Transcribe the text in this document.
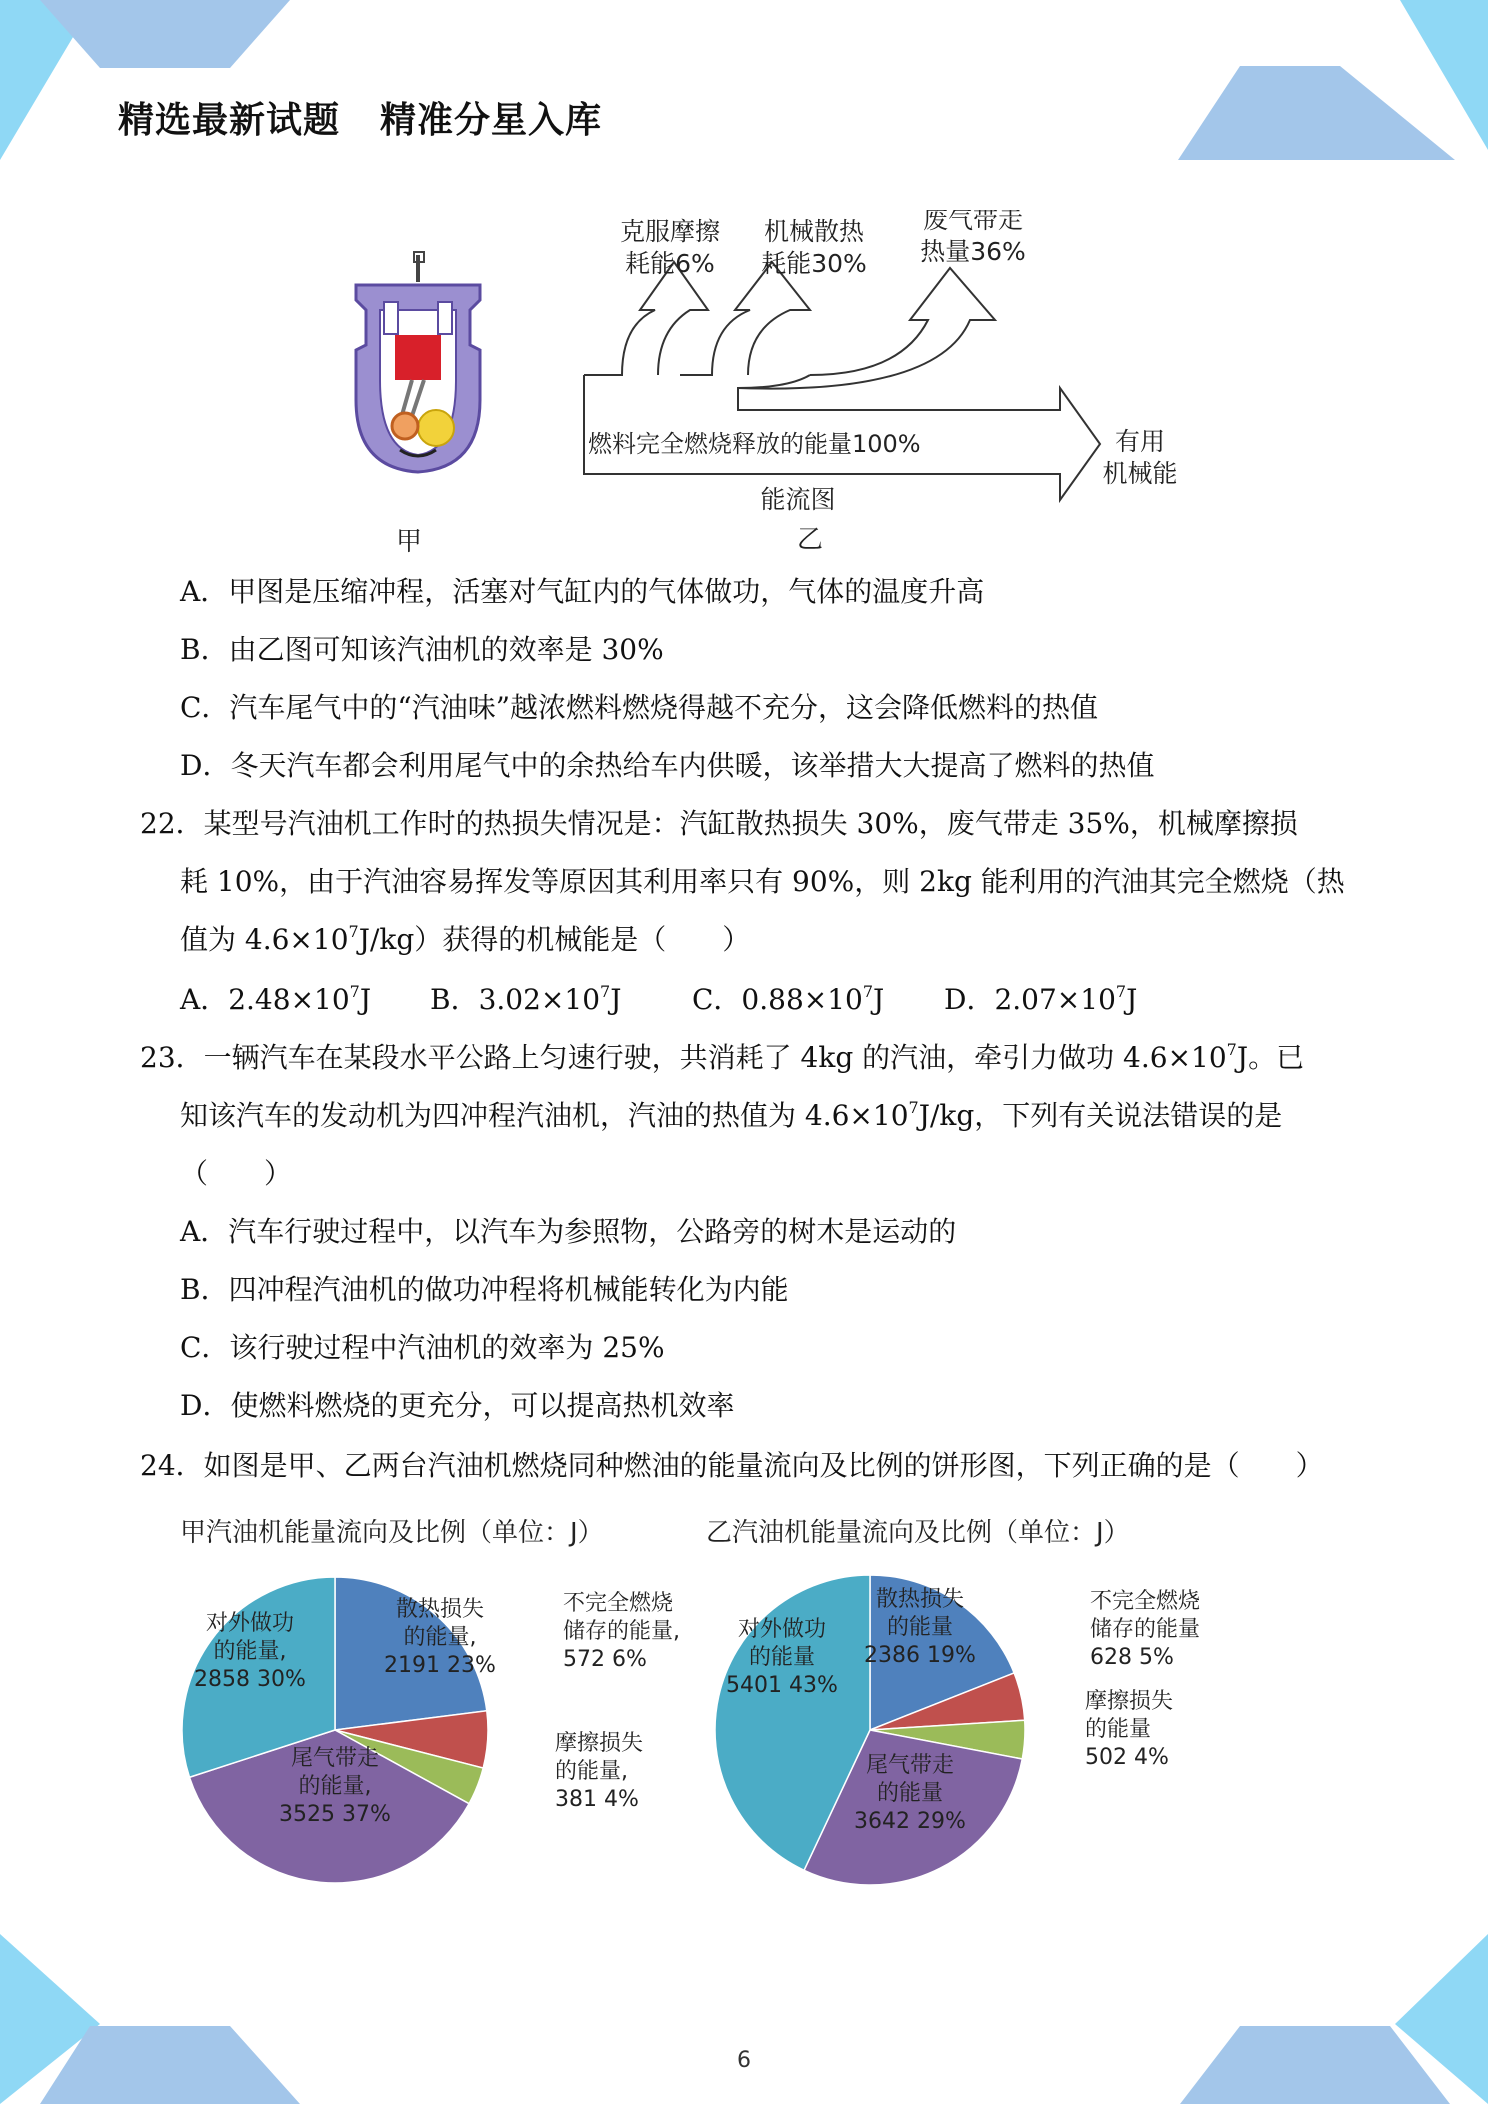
精选最新试题 精准分星入库
甲
克服摩擦
耗能6%
机械散热
耗能30%
废气带走
热量36%
燃料完全燃烧释放的能量100%	有用
机械能
能流图
乙
A．甲图是压缩冲程，活塞对气缸内的气体做功，气体的温度升高
B．由乙图可知该汽油机的效率是 30%
C．汽车尾气中的“汽油味”越浓燃料燃烧得越不充分，这会降低燃料的热值
D．冬天汽车都会利用尾气中的余热给车内供暖，该举措大大提高了燃料的热值
22．某型号汽油机工作时的热损失情况是：汽缸散热损失 30%，废气带走 35%，机械摩擦损
耗 10%，由于汽油容易挥发等原因其利用率只有 90%，则 2kg 能利用的汽油其完全燃烧（热
值为 $4.6\times 10^7J/kg$）获得的机械能是（　　）
A．$2.48\times 10^7J$ B．$3.02\times 10^7J$	C．$0.88\times 10^7J$ D．$2.07\times 10^7J$
23．一辆汽车在某段水平公路上匀速行驶，共消耗了 4kg 的汽油，牵引力做功 $4.6\times 10^7J$。已
知该汽车的发动机为四冲程汽油机，汽油的热值为 $4.6\times 10^7J/kg$，下列有关说法错误的是
（　　）
A．汽车行驶过程中，以汽车为参照物，公路旁的树木是运动的
B．四冲程汽油机的做功冲程将机械能转化为内能
C．该行驶过程中汽油机的效率为 25%
D．使燃料燃烧的更充分，可以提高热机效率
24．如图是甲、乙两台汽油机燃烧同种燃油的能量流向及比例的饼形图，下列正确的是（　　）
甲汽油机能量流向及比例（单位：J）	乙汽油机能量流向及比例（单位：J）
散热损失
的能量,
2191 23%
不完全燃烧
储存的能量,
572 6%
摩擦损失
的能量,
381 4%
尾气带走
的能量,
3525 37%
对外做功
的能量,
2858 30%
散热损失
的能量
2386 19%
不完全燃烧
储存的能量
628 5%
摩擦损失
的能量
502 4%
尾气带走
的能量
3642 29%
对外做功
的能量
5401 43%
6
